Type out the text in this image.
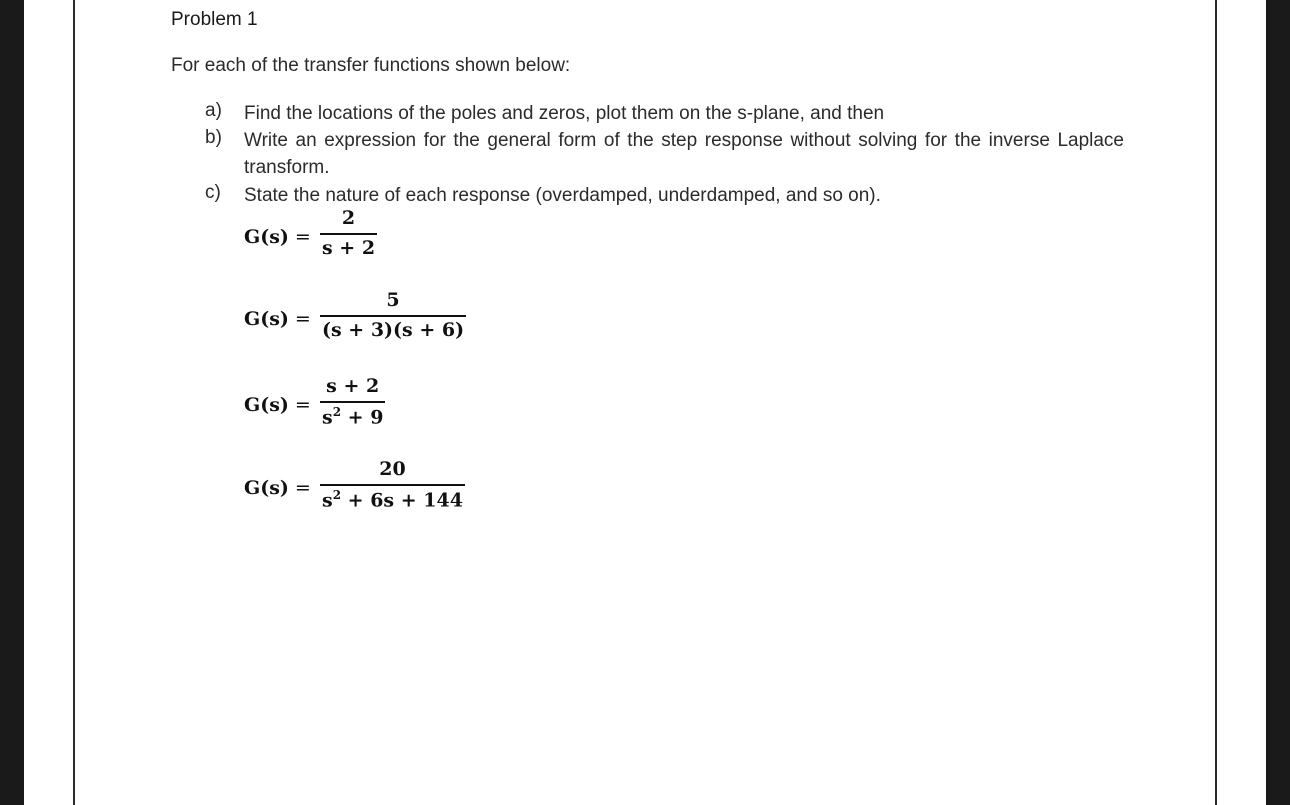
Problem 1
For each of the transfer functions shown below:
a) Find the locations of the poles and zeros, plot them on the s-plane, and then
b) Write an expression for the general form of the step response without solving for the inverse Laplace transform.
c) State the nature of each response (overdamped, underdamped, and so on).
G(s) =
2
s + 2
G(s) =
5
(s + 3)(s + 6)
G(s) =
s + 2
$s^2 + 9$
G(s) =
20
$s^2 + 6s + 144$
